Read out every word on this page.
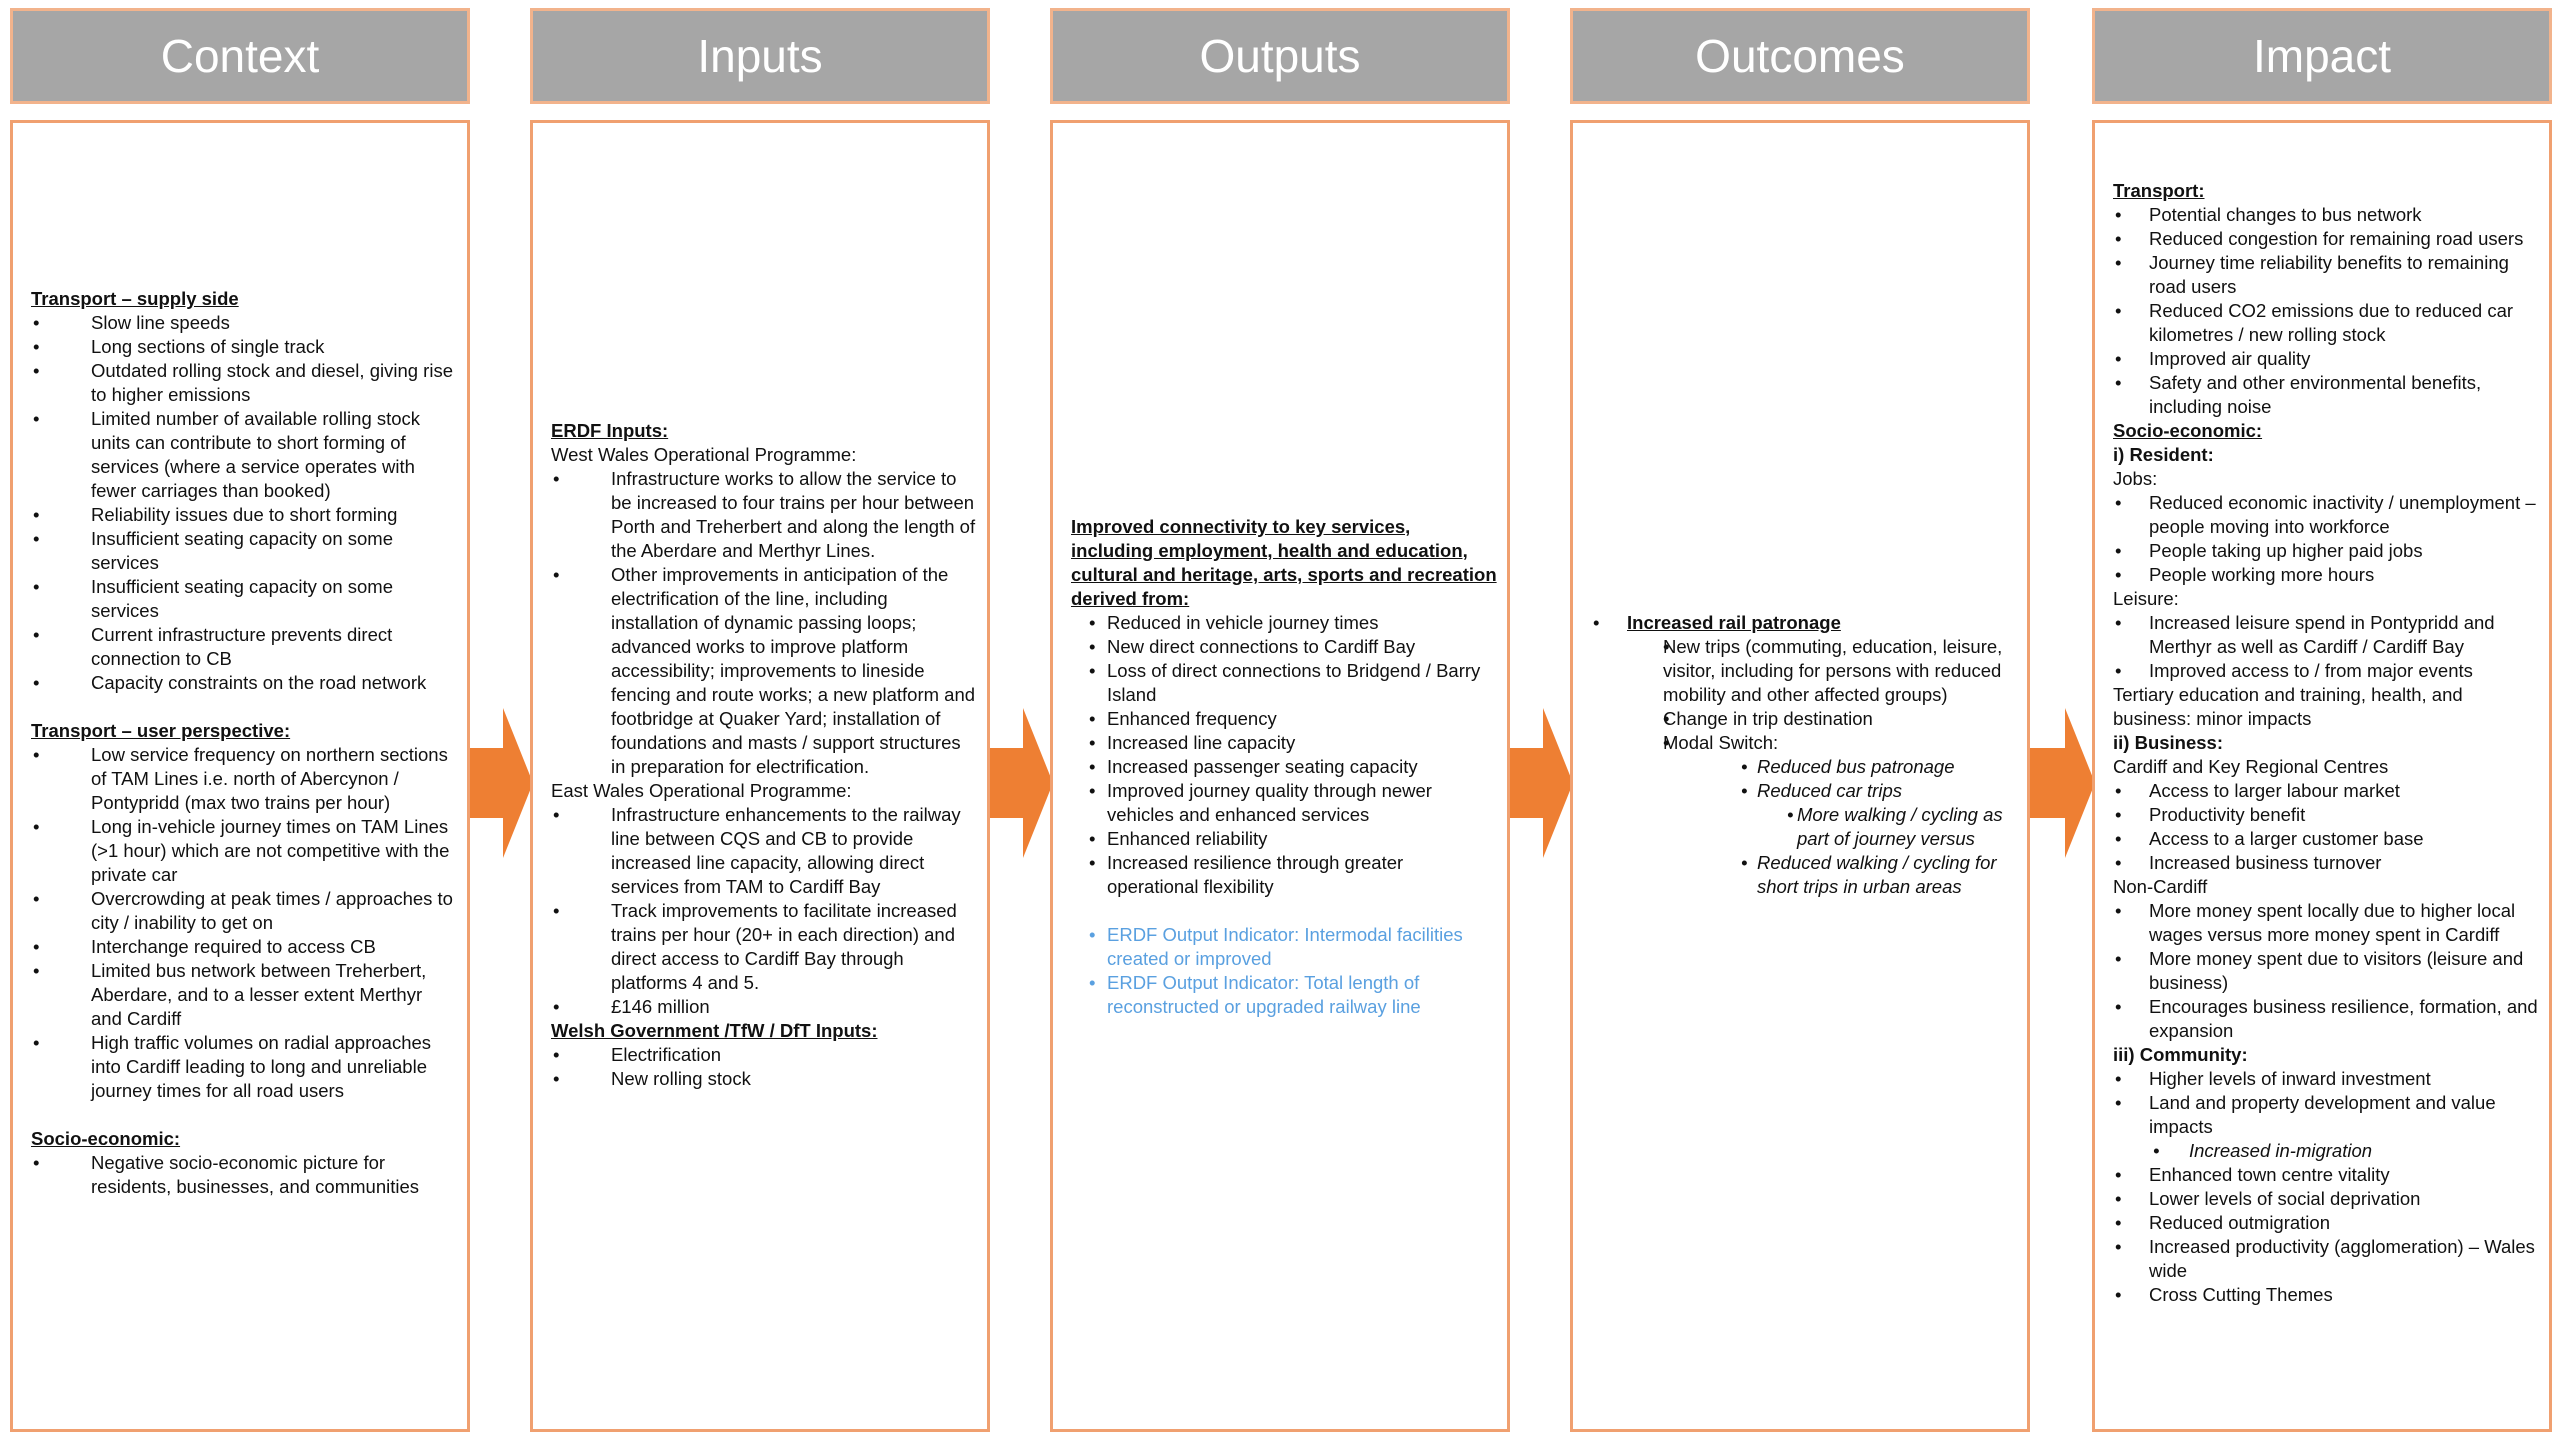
Context	Inputs	Outputs	Outcomes	Impact
Transport – supply side
• Slow line speeds
• Long sections of single track
• Outdated rolling stock and diesel, giving rise to higher emissions
• Limited number of available rolling stock units can contribute to short forming of services (where a service operates with fewer carriages than booked)
• Reliability issues due to short forming
• Insufficient seating capacity on some services
• Insufficient seating capacity on some services
• Current infrastructure prevents direct connection to CB
• Capacity constraints on the road network
Transport – user perspective:
• Low service frequency on northern sections of TAM Lines i.e. north of Abercynon / Pontypridd (max two trains per hour)
• Long in-vehicle journey times on TAM Lines (>1 hour) which are not competitive with the private car
• Overcrowding at peak times / approaches to city / inability to get on
• Interchange required to access CB
• Limited bus network between Treherbert, Aberdare, and to a lesser extent Merthyr and Cardiff
• High traffic volumes on radial approaches into Cardiff leading to long and unreliable journey times for all road users
Socio-economic:
• Negative socio-economic picture for residents, businesses, and communities
ERDF Inputs:
West Wales Operational Programme:
• Infrastructure works to allow the service to be increased to four trains per hour between Porth and Treherbert and along the length of the Aberdare and Merthyr Lines.
• Other improvements in anticipation of the electrification of the line, including installation of dynamic passing loops; advanced works to improve platform accessibility; improvements to lineside fencing and route works; a new platform and footbridge at Quaker Yard; installation of foundations and masts / support structures in preparation for electrification.
East Wales Operational Programme:
• Infrastructure enhancements to the railway line between CQS and CB to provide increased line capacity, allowing direct services from TAM to Cardiff Bay
• Track improvements to facilitate increased trains per hour (20+ in each direction) and direct access to Cardiff Bay through platforms 4 and 5.
• £146 million
Welsh Government /TfW / DfT Inputs:
• Electrification
• New rolling stock
Improved connectivity to key services, including employment, health and education, cultural and heritage, arts, sports and recreation derived from:
• Reduced in vehicle journey times
• New direct connections to Cardiff Bay
• Loss of direct connections to Bridgend / Barry Island
• Enhanced frequency
• Increased line capacity
• Increased passenger seating capacity
• Improved journey quality through newer vehicles and enhanced services
• Enhanced reliability
• Increased resilience through greater operational flexibility
• ERDF Output Indicator: Intermodal facilities created or improved
• ERDF Output Indicator: Total length of reconstructed or upgraded railway line
• Increased rail patronage
• New trips (commuting, education, leisure, visitor, including for persons with reduced mobility and other affected groups)
• Change in trip destination
• Modal Switch:
• Reduced bus patronage
• Reduced car trips
• More walking / cycling as part of journey versus
• Reduced walking / cycling for short trips in urban areas
Transport:
• Potential changes to bus network
• Reduced congestion for remaining road users
• Journey time reliability benefits to remaining road users
• Reduced CO2 emissions due to reduced car kilometres / new rolling stock
• Improved air quality
• Safety and other environmental benefits, including noise
Socio-economic:
i) Resident:
Jobs:
• Reduced economic inactivity / unemployment – people moving into workforce
• People taking up higher paid jobs
• People working more hours
Leisure:
• Increased leisure spend in Pontypridd and Merthyr as well as Cardiff / Cardiff Bay
• Improved access to / from major events
Tertiary education and training, health, and business: minor impacts
ii) Business:
Cardiff and Key Regional Centres
• Access to larger labour market
• Productivity benefit
• Access to a larger customer base
• Increased business turnover
Non-Cardiff
• More money spent locally due to higher local wages versus more money spent in Cardiff
• More money spent due to visitors (leisure and business)
• Encourages business resilience, formation, and expansion
iii) Community:
• Higher levels of inward investment
• Land and property development and value impacts
• Increased in-migration
• Enhanced town centre vitality
• Lower levels of social deprivation
• Reduced outmigration
• Increased productivity (agglomeration) – Wales wide
• Cross Cutting Themes
